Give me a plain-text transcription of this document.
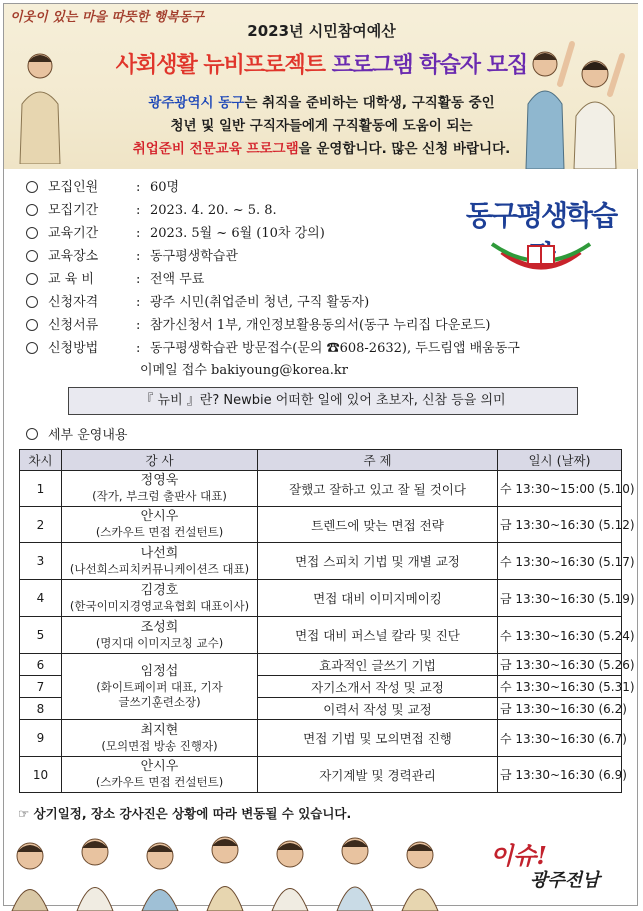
이웃이 있는 마을 따뜻한 행복동구
2023년 시민참여예산
사회생활 뉴비프로젝트 프로그램 학습자 모집
광주광역시 동구는 취직을 준비하는 대학생, 구직활동 중인
청년 및 일반 구직자들에게 구직활동에 도움이 되는
취업준비 전문교육 프로그램을 운영합니다. 많은 신청 바랍니다.
모집인원	: 60명
모집기간	: 2023. 4. 20. ~ 5. 8.
교육기간	: 2023. 5월 ~ 6월 (10차 강의)
교육장소	: 동구평생학습관
교 육 비	: 전액 무료
신청자격	: 광주 시민(취업준비 청년, 구직 활동자)
신청서류	: 참가신청서 1부, 개인정보활용동의서(동구 누리집 다운로드)
신청방법	: 동구평생학습관 방문접수(문의 ☎608-2632), 두드림앱 배움동구
이메일 접수 bakiyoung@korea.kr
동구평생학습
『 뉴비 』란? Newbie 어떠한 일에 있어 초보자, 신참 등을 의미
세부 운영내용
차시	강 사	주 제	일시 (날짜)
1	정영욱
(작가, 부크럼 출판사 대표)	잘했고 잘하고 있고 잘 될 것이다	수 13:30~15:00 (5.10)
2	안시우
(스카우트 면접 컨설턴트)	트렌드에 맞는 면접 전략	금 13:30~16:30 (5.12)
3	나선희
(나선희스피치커뮤니케이션즈 대표)	면접 스피치 기법 및 개별 교정	수 13:30~16:30 (5.17)
4	김경호
(한국이미지경영교육협회 대표이사)	면접 대비 이미지메이킹	금 13:30~16:30 (5.19)
5	조성희
(명지대 이미지코칭 교수)	면접 대비 퍼스널 칼라 및 진단	수 13:30~16:30 (5.24)
6	임정섭
(화이트페이퍼 대표, 기자
글쓰기훈련소장)	효과적인 글쓰기 기법	금 13:30~16:30 (5.26)
7		자기소개서 작성 및 교정	수 13:30~16:30 (5.31)
8		이력서 작성 및 교정	금 13:30~16:30 (6.2)
9	최지현
(모의면접 방송 진행자)	면접 기법 및 모의면접 진행	수 13:30~16:30 (6.7)
10	안시우
(스카우트 면접 컨설턴트)	자기계발 및 경력관리	금 13:30~16:30 (6.9)
☞ 상기일정, 장소 강사진은 상황에 따라 변동될 수 있습니다.
이슈!
광주전남
